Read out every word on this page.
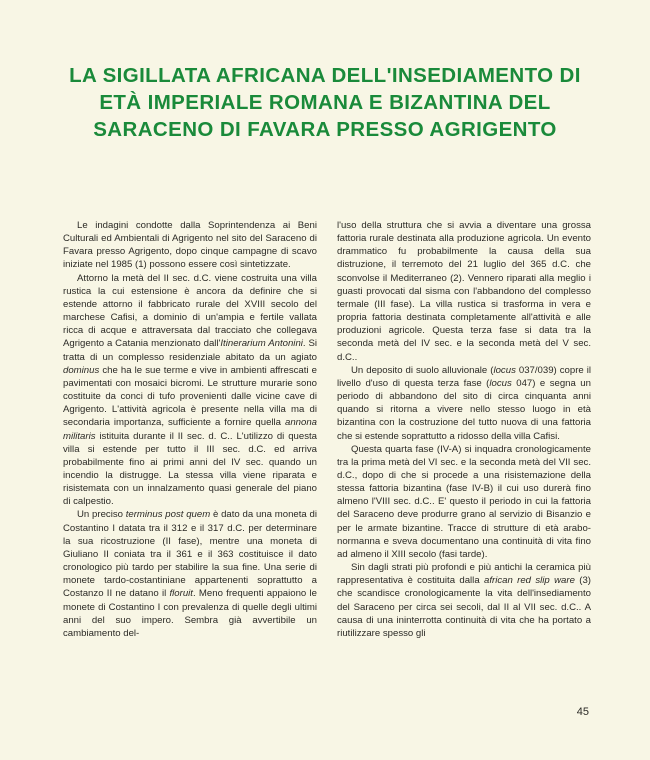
LA SIGILLATA AFRICANA DELL'INSEDIAMENTO DI
ETÀ IMPERIALE ROMANA E BIZANTINA DEL
SARACENO DI FAVARA PRESSO AGRIGENTO

Le indagini condotte dalla Soprintendenza ai Beni Culturali ed Ambientali di Agrigento nel sito del Saraceno di Favara presso Agrigento, dopo cinque campagne di scavo iniziate nel 1985 (1) possono essere così sintetizzate.

Attorno la metà del II sec. d.C. viene costruita una villa rustica la cui estensione è ancora da definire che si estende attorno il fabbricato rurale del XVIII secolo del marchese Cafisi, a dominio di un'ampia e fertile vallata ricca di acque e attraversata dal tracciato che collegava Agrigento a Catania menzionato dall'Itinerarium Antonini. Si tratta di un complesso residenziale abitato da un agiato dominus che ha le sue terme e vive in ambienti affrescati e pavimentati con mosaici bicromi. Le strutture murarie sono costituite da conci di tufo provenienti dalle vicine cave di Agrigento. L'attività agricola è presente nella villa ma di secondaria importanza, sufficiente a fornire quella annona militaris istituita durante il II sec. d. C.. L'utilizzo di questa villa si estende per tutto il III sec. d.C. ed arriva probabilmente fino ai primi anni del IV sec. quando un incendio la distrugge. La stessa villa viene riparata e risistemata con un innalzamento quasi generale del piano di calpestio.

Un preciso terminus post quem è dato da una moneta di Costantino I datata tra il 312 e il 317 d.C. per determinare la sua ricostruzione (II fase), mentre una moneta di Giuliano II coniata tra il 361 e il 363 costituisce il dato cronologico più tardo per stabilire la sua fine. Una serie di monete tardo-costantiniane appartenenti soprattutto a Costanzo II ne datano il floruit. Meno frequenti appaiono le monete di Costantino I con prevalenza di quelle degli ultimi anni del suo impero. Sembra già avvertibile un cambiamento del-

l'uso della struttura che si avvia a diventare una grossa fattoria rurale destinata alla produzione agricola. Un evento drammatico fu probabilmente la causa della sua distruzione, il terremoto del 21 luglio del 365 d.C. che sconvolse il Mediterraneo (2). Vennero riparati alla meglio i guasti provocati dal sisma con l'abbandono del complesso termale (III fase). La villa rustica si trasforma in vera e propria fattoria destinata completamente all'attività e alle produzioni agricole. Questa terza fase si data tra la seconda metà del IV sec. e la seconda metà del V sec. d.C..

Un deposito di suolo alluvionale (locus 037/039) copre il livello d'uso di questa terza fase (locus 047) e segna un periodo di abbandono del sito di circa cinquanta anni quando si ritorna a vivere nello stesso luogo in età bizantina con la costruzione del tutto nuova di una fattoria che si estende soprattutto a ridosso della villa Cafisi.

Questa quarta fase (IV-A) si inquadra cronologicamente tra la prima metà del VI sec. e la seconda metà del VII sec. d.C., dopo di che si procede a una risistemazione della stessa fattoria bizantina (fase IV-B) il cui uso durerà fino almeno l'VIII sec. d.C.. E' questo il periodo in cui la fattoria del Saraceno deve produrre grano al servizio di Bisanzio e per le armate bizantine. Tracce di strutture di età arabo-normanna e sveva documentano una continuità di vita fino ad almeno il XIII secolo (fasi tarde).

Sin dagli strati più profondi e più antichi la ceramica più rappresentativa è costituita dalla african red slip ware (3) che scandisce cronologicamente la vita dell'insediamento del Saraceno per circa sei secoli, dal II al VII sec. d.C.. A causa di una ininterrotta continuità di vita che ha portato a riutilizzare spesso gli

45
